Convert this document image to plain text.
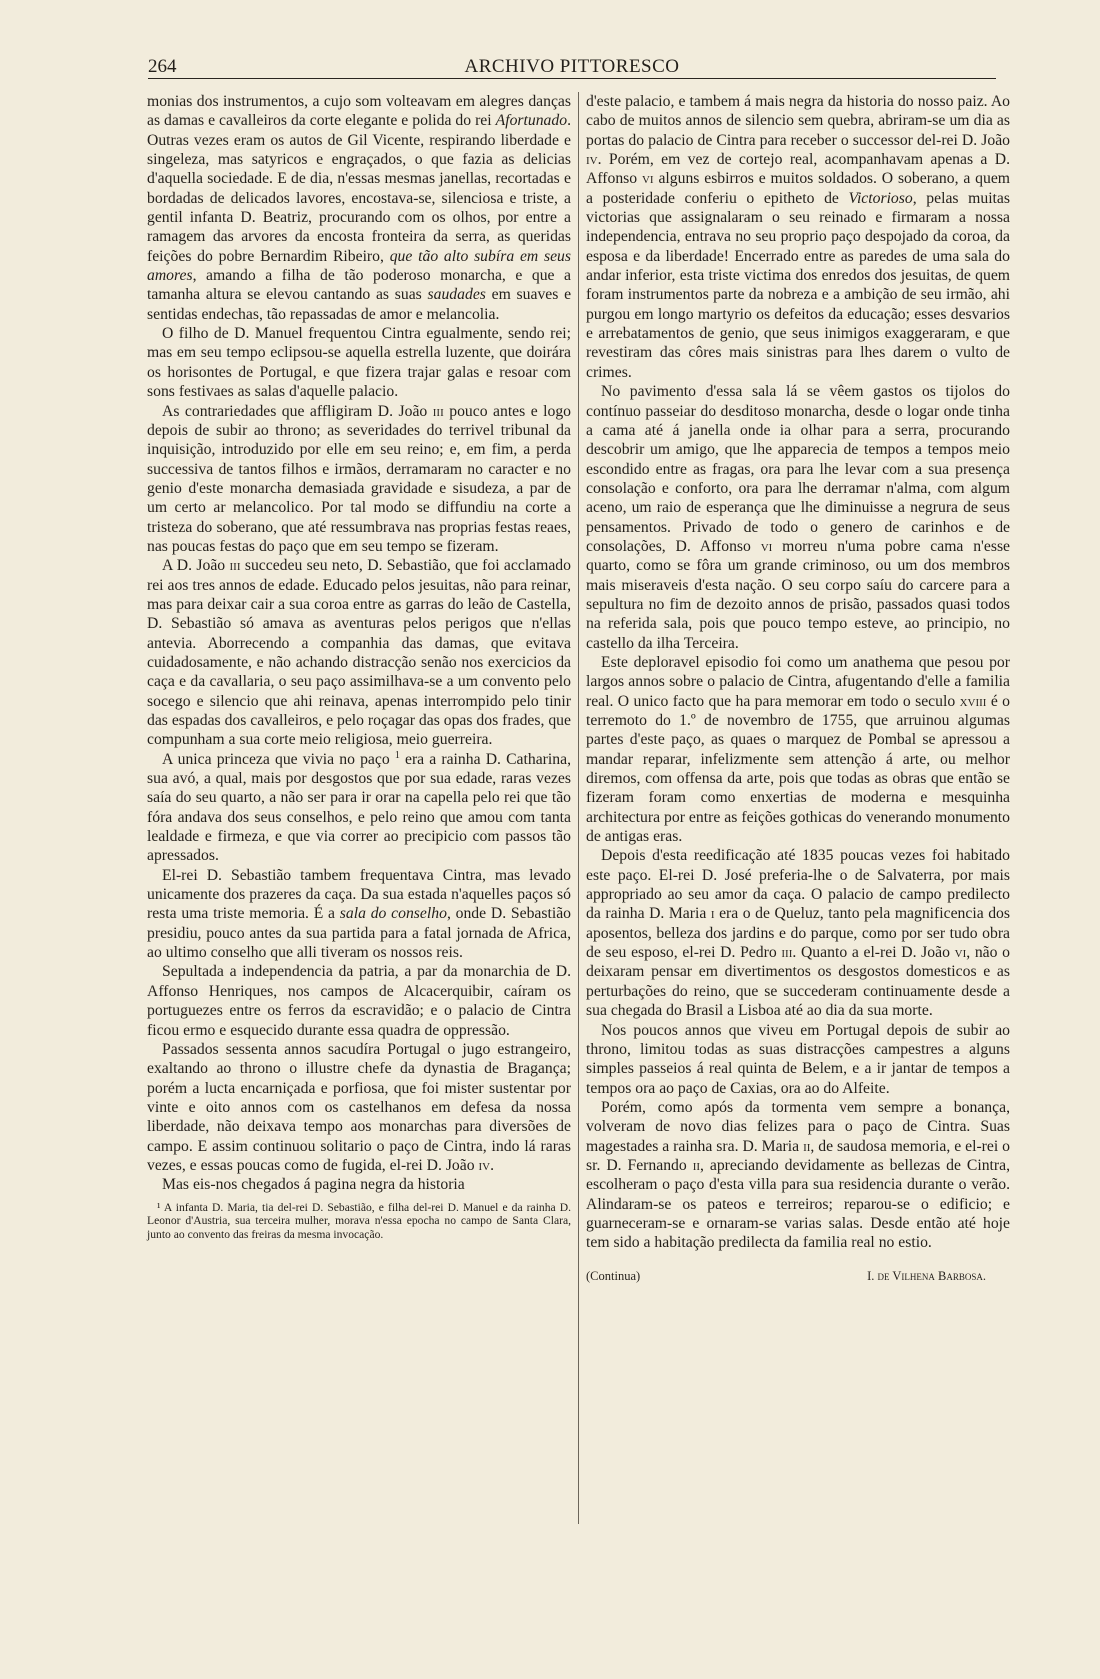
264	ARCHIVO PITTORESCO

monias dos instrumentos, a cujo som volteavam em alegres danças as damas e cavalleiros da corte elegante e polida do rei Afortunado. Outras vezes eram os autos de Gil Vicente, respirando liberdade e singeleza, mas satyricos e engraçados, o que fazia as delicias d'aquella sociedade. E de dia, n'essas mesmas janellas, recortadas e bordadas de delicados lavores, encostava-se, silenciosa e triste, a gentil infanta D. Beatriz, procurando com os olhos, por entre a ramagem das arvores da encosta fronteira da serra, as queridas feições do pobre Bernardim Ribeiro, que tão alto subíra em seus amores, amando a filha de tão poderoso monarcha, e que a tamanha altura se elevou cantando as suas saudades em suaves e sentidas endechas, tão repassadas de amor e melancolia.

O filho de D. Manuel frequentou Cintra egualmente, sendo rei; mas em seu tempo eclipsou-se aquella estrella luzente, que doirára os horisontes de Portugal, e que fizera trajar galas e resoar com sons festivaes as salas d'aquelle palacio.

As contrariedades que affligiram D. João iii pouco antes e logo depois de subir ao throno; as severidades do terrivel tribunal da inquisição, introduzido por elle em seu reino; e, em fim, a perda successiva de tantos filhos e irmãos, derramaram no caracter e no genio d'este monarcha demasiada gravidade e sisudeza, a par de um certo ar melancolico. Por tal modo se diffundiu na corte a tristeza do soberano, que até ressumbrava nas proprias festas reaes, nas poucas festas do paço que em seu tempo se fizeram.

A D. João iii succedeu seu neto, D. Sebastião, que foi acclamado rei aos tres annos de edade. Educado pelos jesuitas, não para reinar, mas para deixar cair a sua coroa entre as garras do leão de Castella, D. Sebastião só amava as aventuras pelos perigos que n'ellas antevia. Aborrecendo a companhia das damas, que evitava cuidadosamente, e não achando distracção senão nos exercicios da caça e da cavallaria, o seu paço assimilhava-se a um convento pelo socego e silencio que ahi reinava, apenas interrompido pelo tinir das espadas dos cavalleiros, e pelo roçagar das opas dos frades, que compunham a sua corte meio religiosa, meio guerreira.

A unica princeza que vivia no paço $^1$ era a rainha D. Catharina, sua avó, a qual, mais por desgostos que por sua edade, raras vezes saía do seu quarto, a não ser para ir orar na capella pelo rei que tão fóra andava dos seus conselhos, e pelo reino que amou com tanta lealdade e firmeza, e que via correr ao precipicio com passos tão apressados.

El-rei D. Sebastião tambem frequentava Cintra, mas levado unicamente dos prazeres da caça. Da sua estada n'aquelles paços só resta uma triste memoria. É a sala do conselho, onde D. Sebastião presidiu, pouco antes da sua partida para a fatal jornada de Africa, ao ultimo conselho que alli tiveram os nossos reis.

Sepultada a independencia da patria, a par da monarchia de D. Affonso Henriques, nos campos de Alcacerquibir, caíram os portuguezes entre os ferros da escravidão; e o palacio de Cintra ficou ermo e esquecido durante essa quadra de oppressão.

Passados sessenta annos sacudíra Portugal o jugo estrangeiro, exaltando ao throno o illustre chefe da dynastia de Bragança; porém a lucta encarniçada e porfiosa, que foi mister sustentar por vinte e oito annos com os castelhanos em defesa da nossa liberdade, não deixava tempo aos monarchas para diversões de campo. E assim continuou solitario o paço de Cintra, indo lá raras vezes, e essas poucas como de fugida, el-rei D. João iv.

Mas eis-nos chegados á pagina negra da historia

¹ A infanta D. Maria, tia del-rei D. Sebastião, e filha del-rei D. Manuel e da rainha D. Leonor d'Austria, sua terceira mulher, morava n'essa epocha no campo de Santa Clara, junto ao convento das freiras da mesma invocação.

d'este palacio, e tambem á mais negra da historia do nosso paiz. Ao cabo de muitos annos de silencio sem quebra, abriram-se um dia as portas do palacio de Cintra para receber o successor del-rei D. João iv. Porém, em vez de cortejo real, acompanhavam apenas a D. Affonso vi alguns esbirros e muitos soldados. O soberano, a quem a posteridade conferiu o epitheto de Victorioso, pelas muitas victorias que assignalaram o seu reinado e firmaram a nossa independencia, entrava no seu proprio paço despojado da coroa, da esposa e da liberdade! Encerrado entre as paredes de uma sala do andar inferior, esta triste victima dos enredos dos jesuitas, de quem foram instrumentos parte da nobreza e a ambição de seu irmão, ahi purgou em longo martyrio os defeitos da educação; esses desvarios e arrebatamentos de genio, que seus inimigos exaggeraram, e que revestiram das côres mais sinistras para lhes darem o vulto de crimes.

No pavimento d'essa sala lá se vêem gastos os tijolos do contínuo passeiar do desditoso monarcha, desde o logar onde tinha a cama até á janella onde ia olhar para a serra, procurando descobrir um amigo, que lhe apparecia de tempos a tempos meio escondido entre as fragas, ora para lhe levar com a sua presença consolação e conforto, ora para lhe derramar n'alma, com algum aceno, um raio de esperança que lhe diminuisse a negrura de seus pensamentos. Privado de todo o genero de carinhos e de consolações, D. Affonso vi morreu n'uma pobre cama n'esse quarto, como se fôra um grande criminoso, ou um dos membros mais miseraveis d'esta nação. O seu corpo saíu do carcere para a sepultura no fim de dezoito annos de prisão, passados quasi todos na referida sala, pois que pouco tempo esteve, ao principio, no castello da ilha Terceira.

Este deploravel episodio foi como um anathema que pesou por largos annos sobre o palacio de Cintra, afugentando d'elle a familia real. O unico facto que ha para memorar em todo o seculo xviii é o terremoto do 1.º de novembro de 1755, que arruinou algumas partes d'este paço, as quaes o marquez de Pombal se apressou a mandar reparar, infelizmente sem attenção á arte, ou melhor diremos, com offensa da arte, pois que todas as obras que então se fizeram foram como enxertias de moderna e mesquinha architectura por entre as feições gothicas do venerando monumento de antigas eras.

Depois d'esta reedificação até 1835 poucas vezes foi habitado este paço. El-rei D. José preferia-lhe o de Salvaterra, por mais appropriado ao seu amor da caça. O palacio de campo predilecto da rainha D. Maria i era o de Queluz, tanto pela magnificencia dos aposentos, belleza dos jardins e do parque, como por ser tudo obra de seu esposo, el-rei D. Pedro iii. Quanto a el-rei D. João vi, não o deixaram pensar em divertimentos os desgostos domesticos e as perturbações do reino, que se succederam continuamente desde a sua chegada do Brasil a Lisboa até ao dia da sua morte.

Nos poucos annos que viveu em Portugal depois de subir ao throno, limitou todas as suas distracções campestres a alguns simples passeios á real quinta de Belem, e a ir jantar de tempos a tempos ora ao paço de Caxias, ora ao do Alfeite.

Porém, como após da tormenta vem sempre a bonança, volveram de novo dias felizes para o paço de Cintra. Suas magestades a rainha sra. D. Maria ii, de saudosa memoria, e el-rei o sr. D. Fernando ii, apreciando devidamente as bellezas de Cintra, escolheram o paço d'esta villa para sua residencia durante o verão. Alindaram-se os pateos e terreiros; reparou-se o edificio; e guarneceram-se e ornaram-se varias salas. Desde então até hoje tem sido a habitação predilecta da familia real no estio.

(Continua)	I. de Vilhena Barbosa.
